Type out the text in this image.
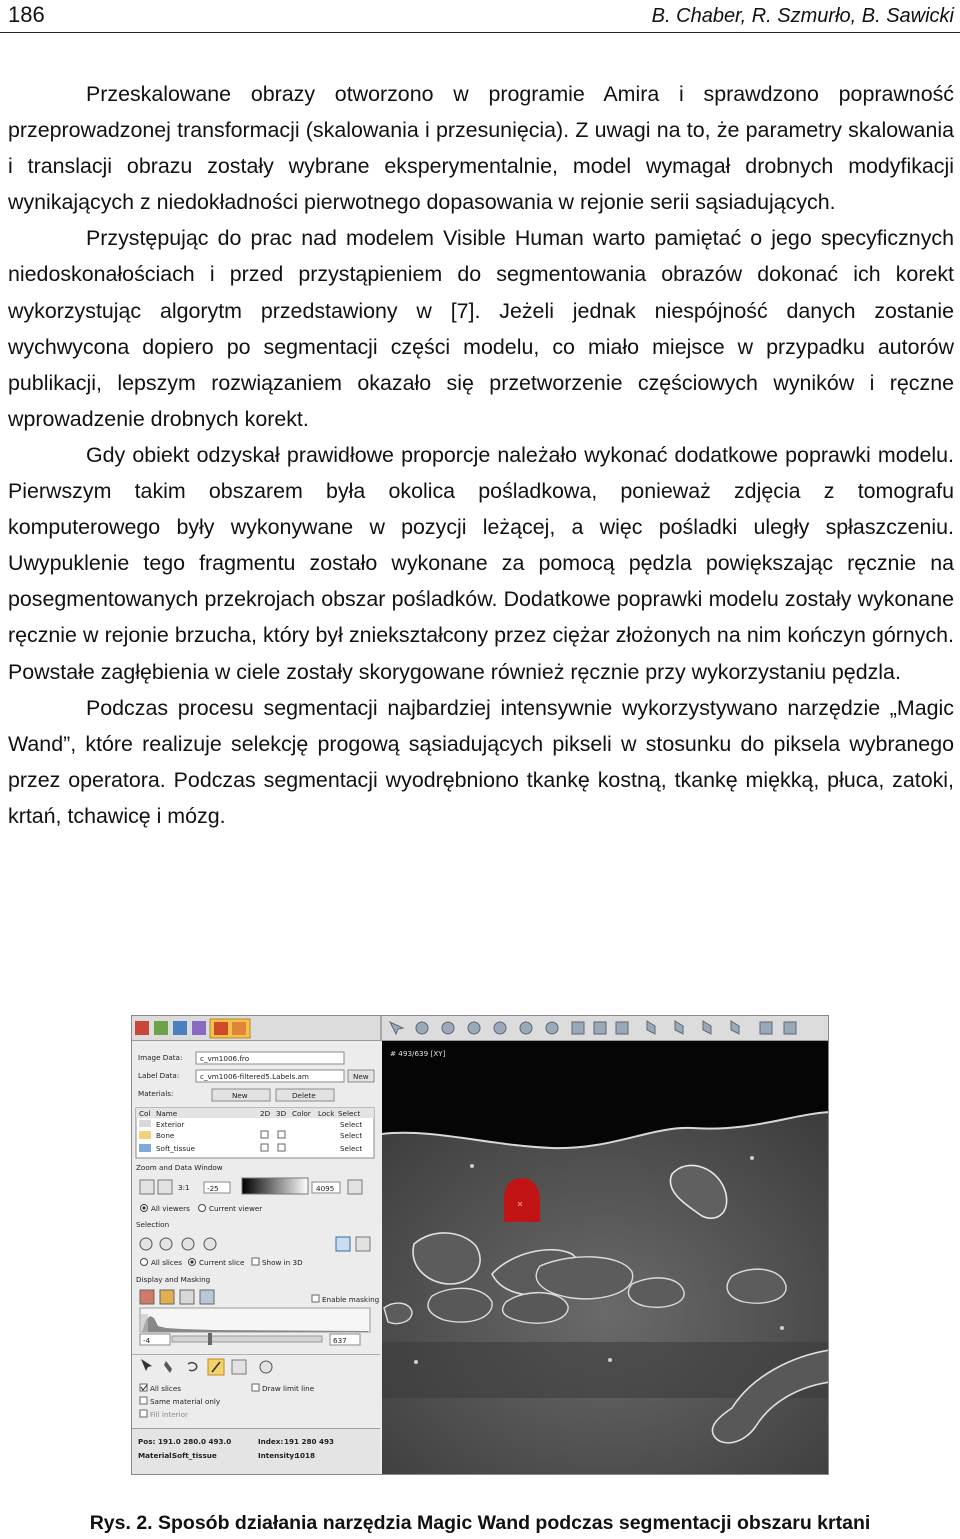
186	B. Chaber, R. Szmurło, B. Sawicki

Przeskalowane obrazy otworzono w programie Amira i sprawdzono poprawność przeprowadzonej transformacji (skalowania i przesunięcia). Z uwagi na to, że parametry skalowania i translacji obrazu zostały wybrane eksperymentalnie, model wymagał drobnych modyfikacji wynikających z niedokładności pierwotnego dopasowania w rejonie serii sąsiadujących.

Przystępując do prac nad modelem Visible Human warto pamiętać o jego specyficznych niedoskonałościach i przed przystąpieniem do segmentowania obrazów dokonać ich korekt wykorzystując algorytm przedstawiony w [7]. Jeżeli jednak niespójność danych zostanie wychwycona dopiero po segmentacji części modelu, co miało miejsce w przypadku autorów publikacji, lepszym rozwiązaniem okazało się przetworzenie częściowych wyników i ręczne wprowadzenie drobnych korekt.

Gdy obiekt odzyskał prawidłowe proporcje należało wykonać dodatkowe poprawki modelu. Pierwszym takim obszarem była okolica pośladkowa, ponieważ zdjęcia z tomografu komputerowego były wykonywane w pozycji leżącej, a więc pośladki uległy spłaszczeniu. Uwypuklenie tego fragmentu zostało wykonane za pomocą pędzla powiększając ręcznie na posegmentowanych przekrojach obszar pośladków. Dodatkowe poprawki modelu zostały wykonane ręcznie w rejonie brzucha, który był zniekształcony przez ciężar złożonych na nim kończyn górnych. Powstałe zagłębienia w ciele zostały skorygowane również ręcznie przy wykorzystaniu pędzla.

Podczas procesu segmentacji najbardziej intensywnie wykorzystywano narzędzie „Magic Wand”, które realizuje selekcję progową sąsiadujących pikseli w stosunku do piksela wybranego przez operatora. Podczas segmentacji wyodrębniono tkankę kostną, tkankę miękką, płuca, zatoki, krtań, tchawicę i mózg.

Image Data: c_vm1006.fro
Label Data:	c_vm1006-filtered5.Labels.am	New
Materials:	New	Delete
Col Name	2D 3D Color Lock Select
Exterior	Select
Bone	Select
Soft_tissue	Select
Zoom and Data Window
3:1 -25	4095
All viewers	Current viewer
Selection
All slices Current slice Show in 3D
Display and Masking
Enable masking
-4	637
All slices	Draw limit line
Same material only
Fill interior
Pos: 191.0 280.0 493.0	Index: 191 280 493
Material:
Soft_tissue	Intensity:
1018
# 493/639 [XY]
Rys. 2. Sposób działania narzędzia Magic Wand podczas segmentacji obszaru krtani
